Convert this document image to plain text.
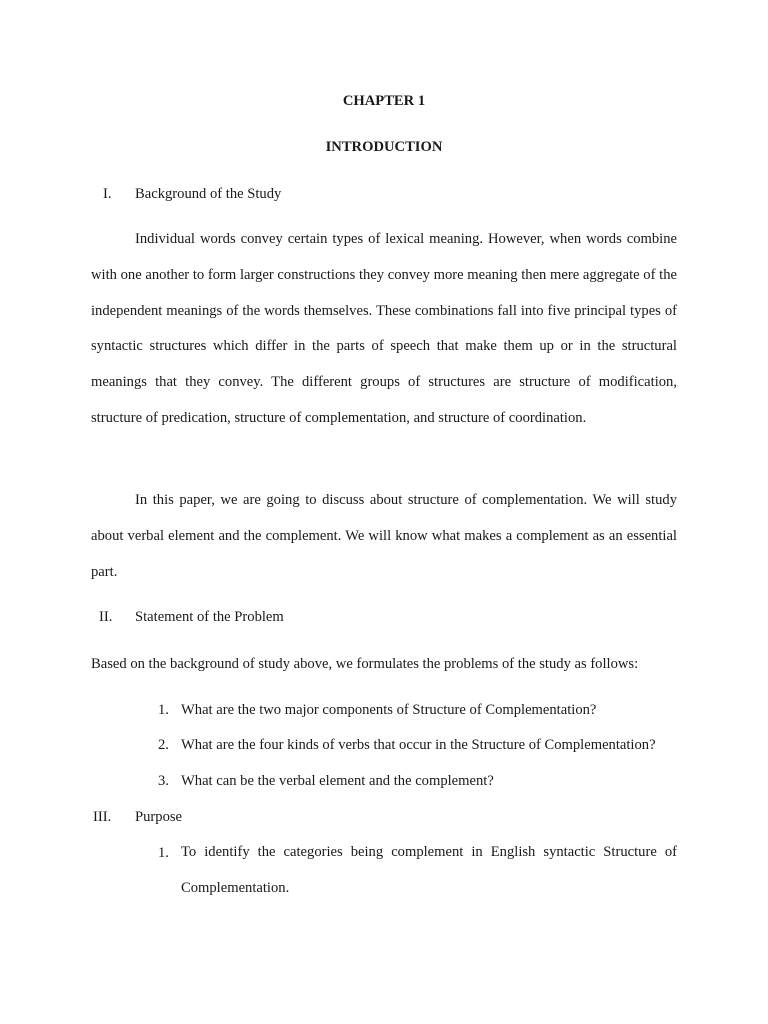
CHAPTER 1
INTRODUCTION
I. Background of the Study
Individual words convey certain types of lexical meaning. However, when words combine with one another to form larger constructions they convey more meaning then mere aggregate of the independent meanings of the words themselves. These combinations fall into five principal types of syntactic structures which differ in the parts of speech that make them up or in the structural meanings that they convey. The different groups of structures are structure of modification, structure of predication, structure of complementation, and structure of coordination.
In this paper, we are going to discuss about structure of complementation. We will study about verbal element and the complement. We will know what makes a complement as an essential part.
II. Statement of the Problem
Based on the background of study above, we formulates the problems of the study as follows:
1. What are the two major components of Structure of Complementation?
2. What are the four kinds of verbs that occur in the Structure of Complementation?
3. What can be the verbal element and the complement?
III. Purpose
1. To identify the categories being complement in English syntactic Structure of Complementation.
